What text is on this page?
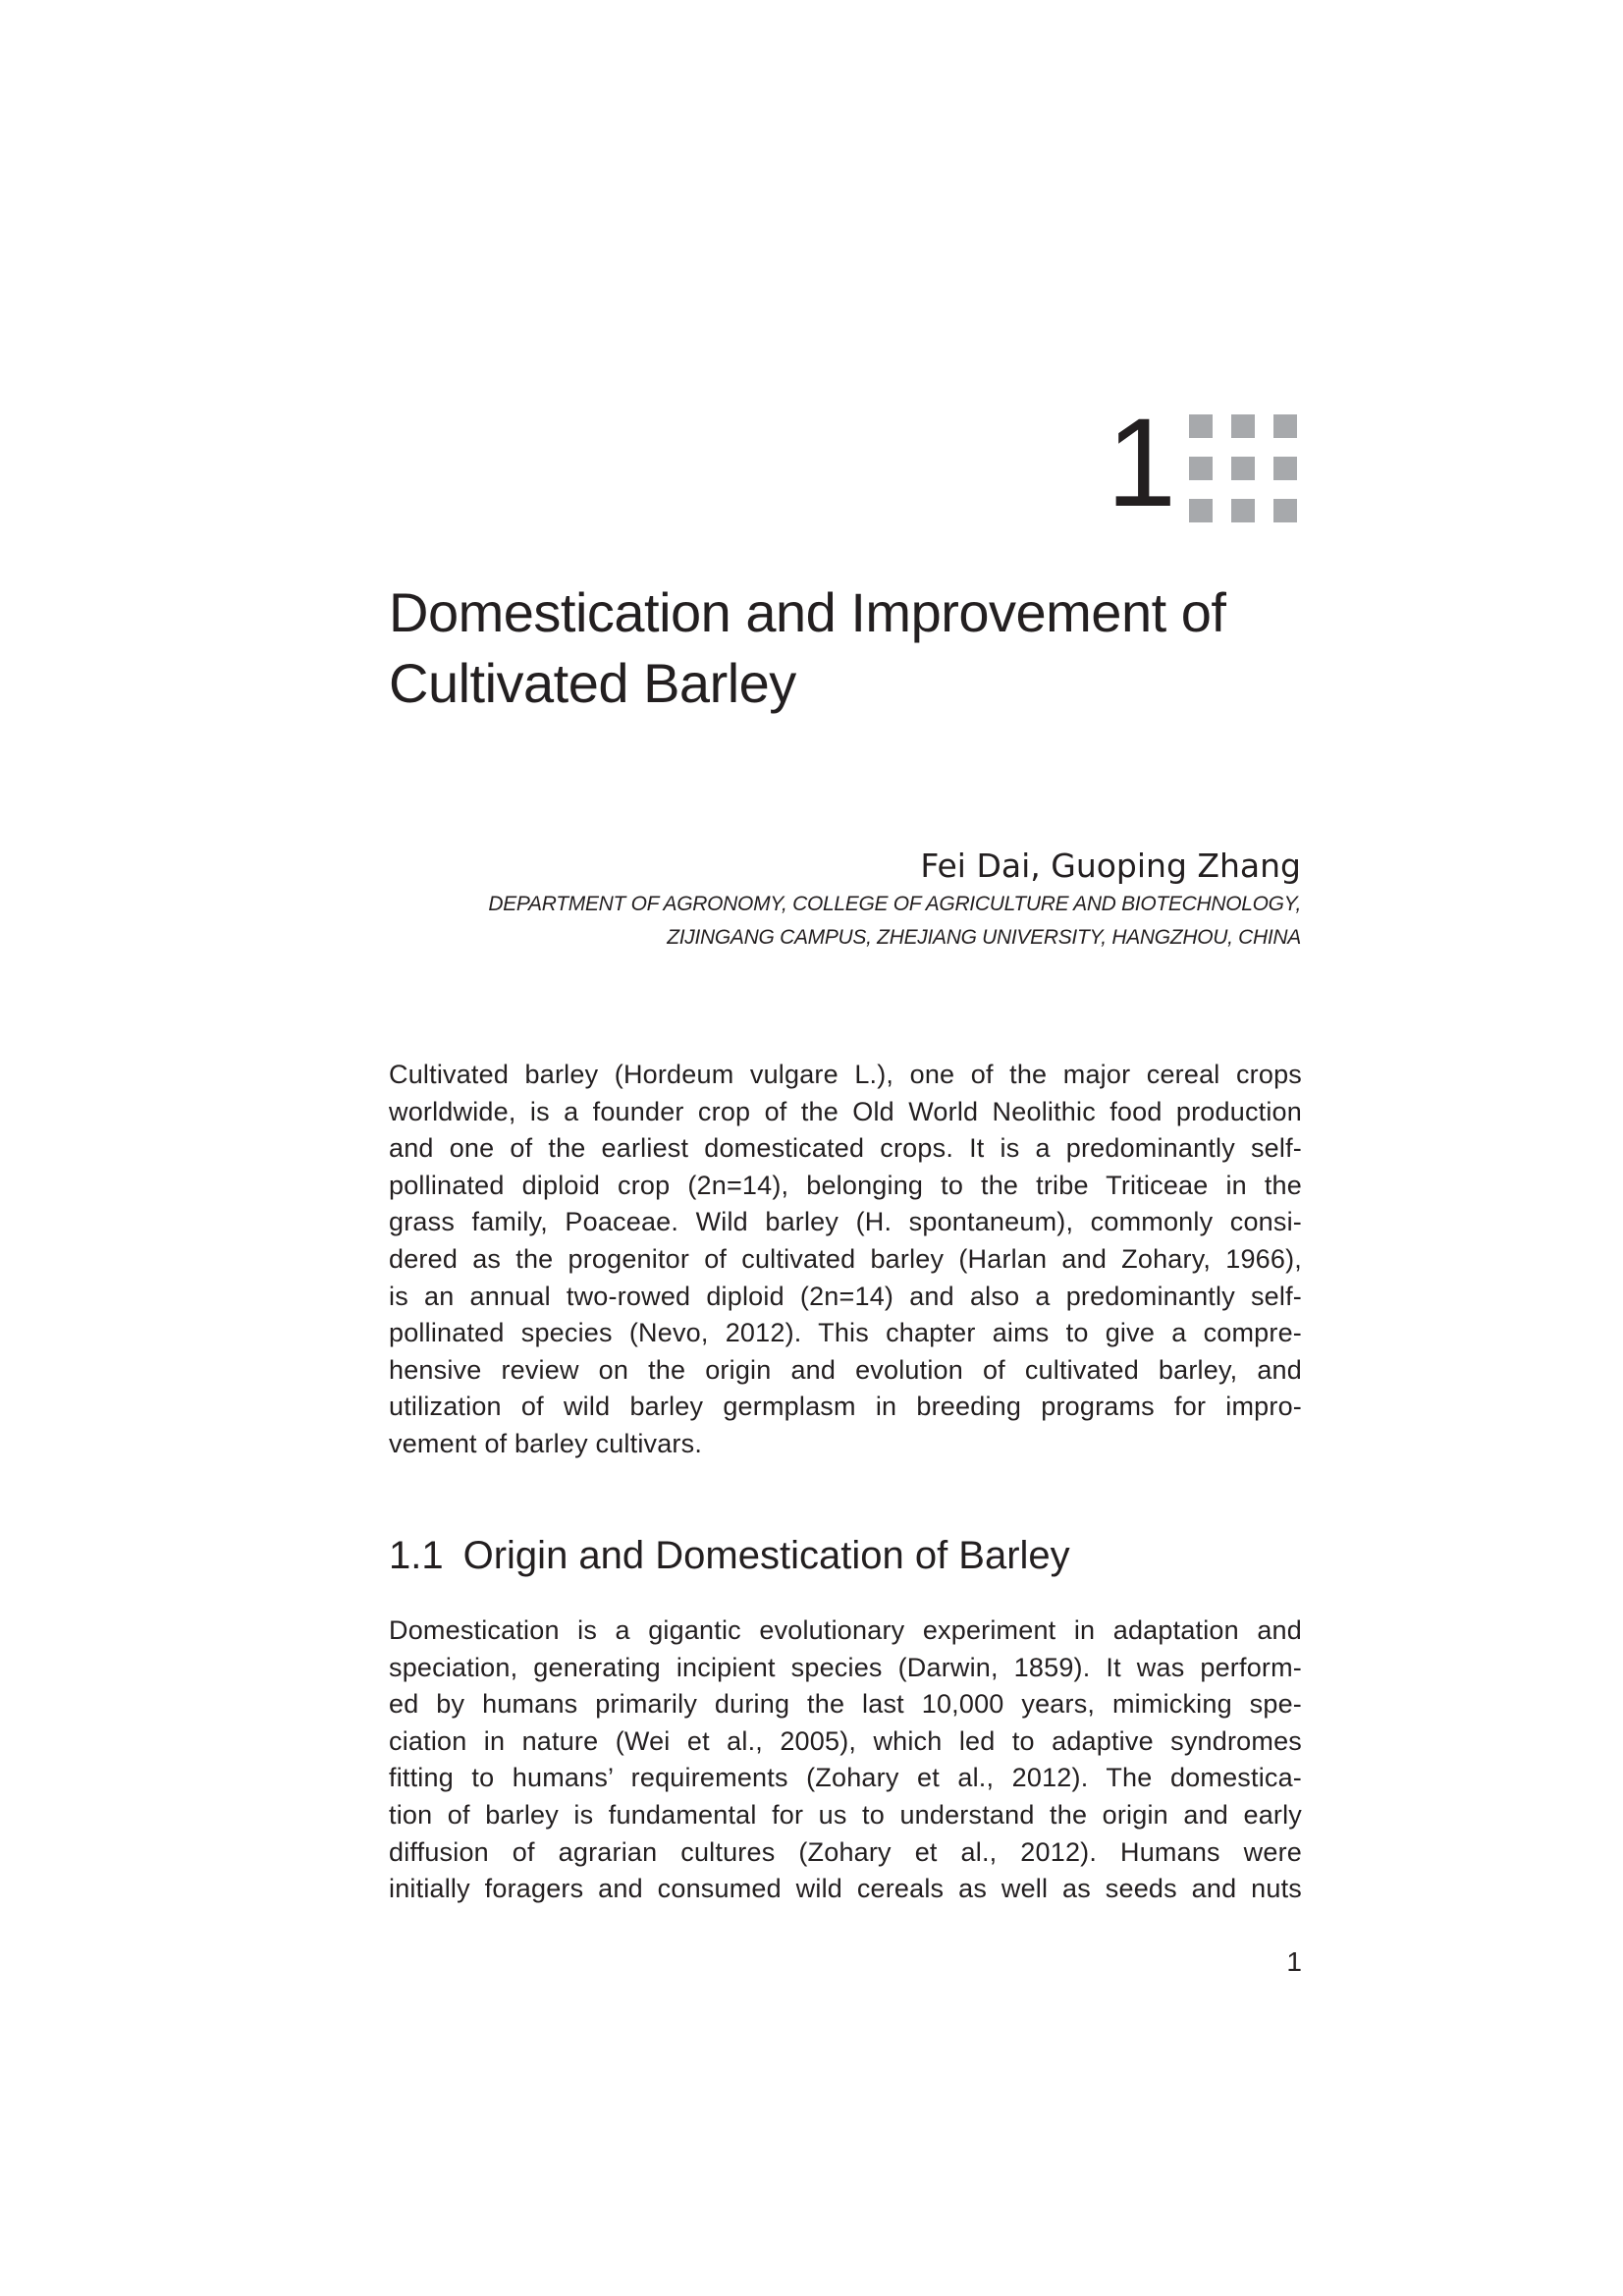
1
Domestication and Improvement of
Cultivated Barley
Fei Dai, Guoping Zhang
DEPARTMENT OF AGRONOMY, COLLEGE OF AGRICULTURE AND BIOTECHNOLOGY,
ZIJINGANG CAMPUS, ZHEJIANG UNIVERSITY, HANGZHOU, CHINA
Cultivated barley (Hordeum vulgare L.), one of the major cereal crops
worldwide, is a founder crop of the Old World Neolithic food production
and one of the earliest domesticated crops. It is a predominantly self-
pollinated diploid crop (2n=14), belonging to the tribe Triticeae in the
grass family, Poaceae. Wild barley (H. spontaneum), commonly consi-
dered as the progenitor of cultivated barley (Harlan and Zohary, 1966),
is an annual two-rowed diploid (2n=14) and also a predominantly self-
pollinated species (Nevo, 2012). This chapter aims to give a compre-
hensive review on the origin and evolution of cultivated barley, and
utilization of wild barley germplasm in breeding programs for impro-
vement of barley cultivars.
1.1 Origin and Domestication of Barley
Domestication is a gigantic evolutionary experiment in adaptation and
speciation, generating incipient species (Darwin, 1859). It was perform-
ed by humans primarily during the last 10,000 years, mimicking spe-
ciation in nature (Wei et al., 2005), which led to adaptive syndromes
fitting to humans’ requirements (Zohary et al., 2012). The domestica-
tion of barley is fundamental for us to understand the origin and early
diffusion of agrarian cultures (Zohary et al., 2012). Humans were
initially foragers and consumed wild cereals as well as seeds and nuts
1
